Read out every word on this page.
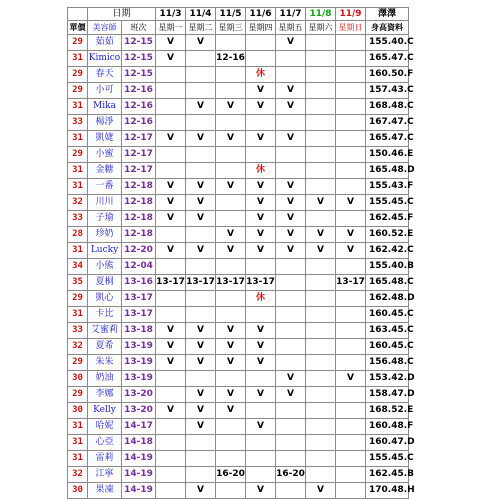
	日期		11/3	11/4	11/5	11/6	11/7	11/8	11/9	澤澤
單價	美容師	班次	星期一	星期二	星期三	星期四	星期五	星期六	星期日	身高資料
29	茹茹	12-15	V	V			V			155.40.C
31	Kimico	12-15	V		12-16					165.47.C
29	春天	12-15				休				160.50.F
29	小可	12-16				V	V			157.43.C
31	Mika	12-16		V	V	V	V			168.48.C
33	楊淨	12-16								167.47.C
31	凱婕	12-17	V	V	V	V	V			165.47.C
29	小蜜	12-17								150.46.E
31	金糖	12-17				休				165.48.D
31	一番	12-18	V	V	V	V	V			155.43.F
32	川川	12-18	V	V		V	V	V	V	155.45.C
33	子瑜	12-18	V	V		V	V			162.45.F
28	珍奶	12-18			V	V	V	V	V	160.52.E
31	Lucky	12-20	V	V	V	V	V	V	V	162.42.C
34	小熊	12-04								155.40.B
35	夏桐	13-16	13-17	13-17	13-17	13-17			13-17	165.48.C
29	凱心	13-17				休				162.48.D
31	卡比	13-17								160.45.C
33	艾蜜莉	13-18	V	V	V	V				163.45.C
32	夏希	13-19	V	V	V	V				160.45.C
29	朱朱	13-19	V	V	V	V				156.48.C
30	奶油	13-19					V		V	153.42.D
29	李娜	13-20		V	V	V	V			158.47.D
30	Kelly	13-20	V	V	V					168.52.E
31	哈妮	14-17		V		V				160.48.F
31	心亞	14-18								160.47.D
31	雷莉	14-19								155.45.C
32	江寧	14-19			16-20		16-20			162.45.B
30	果凍	14-19		V		V		V		170.48.H
